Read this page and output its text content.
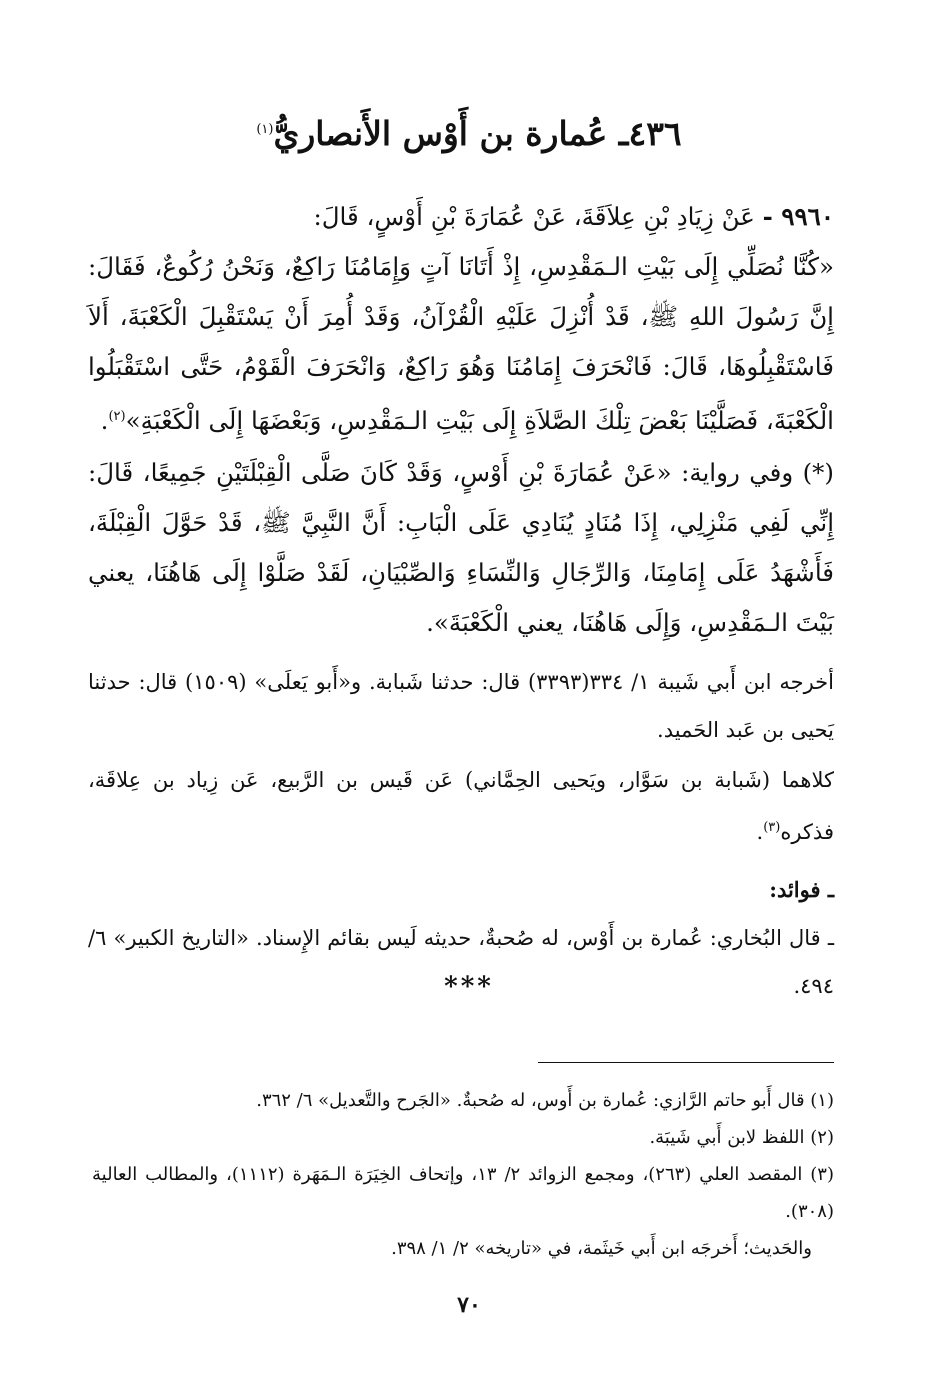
٤٣٦ـ عُمارة بن أَوْس الأَنصاريُّ$^{(١)}$

٩٩٦٠ - عَنْ زِيَادِ بْنِ عِلاَقَةَ، عَنْ عُمَارَةَ بْنِ أَوْسٍ، قَالَ:

«كُنَّا نُصَلِّي إِلَى بَيْتِ الـمَقْدِسِ، إِذْ أَتَانَا آتٍ وَإِمَامُنَا رَاكِعٌ، وَنَحْنُ رُكُوعٌ، فَقَالَ: إِنَّ رَسُولَ اللهِ ﷺ، قَدْ أُنْزِلَ عَلَيْهِ الْقُرْآنُ، وَقَدْ أُمِرَ أَنْ يَسْتَقْبِلَ الْكَعْبَةَ، أَلاَ فَاسْتَقْبِلُوهَا، قَالَ: فَانْحَرَفَ إِمَامُنَا وَهُوَ رَاكِعٌ، وَانْحَرَفَ الْقَوْمُ، حَتَّى اسْتَقْبَلُوا الْكَعْبَةَ، فَصَلَّيْنَا بَعْضَ تِلْكَ الصَّلاَةِ إِلَى بَيْتِ الـمَقْدِسِ، وَبَعْضَهَا إِلَى الْكَعْبَةِ»$^{(٢)}$.

(*) وفي رواية: «عَنْ عُمَارَةَ بْنِ أَوْسٍ، وَقَدْ كَانَ صَلَّى الْقِبْلَتَيْنِ جَمِيعًا، قَالَ: إِنِّي لَفِي مَنْزِلِي، إِذَا مُنَادٍ يُنَادِي عَلَى الْبَابِ: أَنَّ النَّبِيَّ ﷺ، قَدْ حَوَّلَ الْقِبْلَةَ، فَأَشْهَدُ عَلَى إِمَامِنَا، وَالرِّجَالِ وَالنِّسَاءِ وَالصِّبْيَانِ، لَقَدْ صَلَّوْا إِلَى هَاهُنَا، يعني بَيْتَ الـمَقْدِسِ، وَإِلَى هَاهُنَا، يعني الْكَعْبَةَ».

أخرجه ابن أَبي شَيبة ١/ ٣٣٤(٣٣٩٣) قال: حدثنا شَبابة. و«أَبو يَعلَى» (١٥٠٩) قال: حدثنا يَحيى بن عَبد الحَميد.

كلاهما (شَبابة بن سَوَّار، ويَحيى الحِمَّاني) عَن قَيس بن الرَّبيع، عَن زِياد بن عِلاقَة، فذكره$^{(٣)}$.

ـ فوائد:

ـ قال البُخاري: عُمارة بن أَوْس، له صُحبةٌ، حديثه لَيس بقائم الإِسناد. «التاريخ الكبير» ٦/ ٤٩٤.

***

(١) قال أَبو حاتم الرَّازي: عُمارة بن أَوس، له صُحبةٌ. «الجَرح والتَّعديل» ٦/ ٣٦٢.

(٢) اللفظ لابن أَبي شَيبَة.

(٣) المقصد العلي (٢٦٣)، ومجمع الزوائد ٢/ ١٣، وإتحاف الخِيَرَة الـمَهَرة (١١١٢)، والمطالب العالية (٣٠٨).

والحَديث؛ أَخرجَه ابن أَبي خَيثَمة، في «تاريخه» ٢/ ١/ ٣٩٨.

٧٠
